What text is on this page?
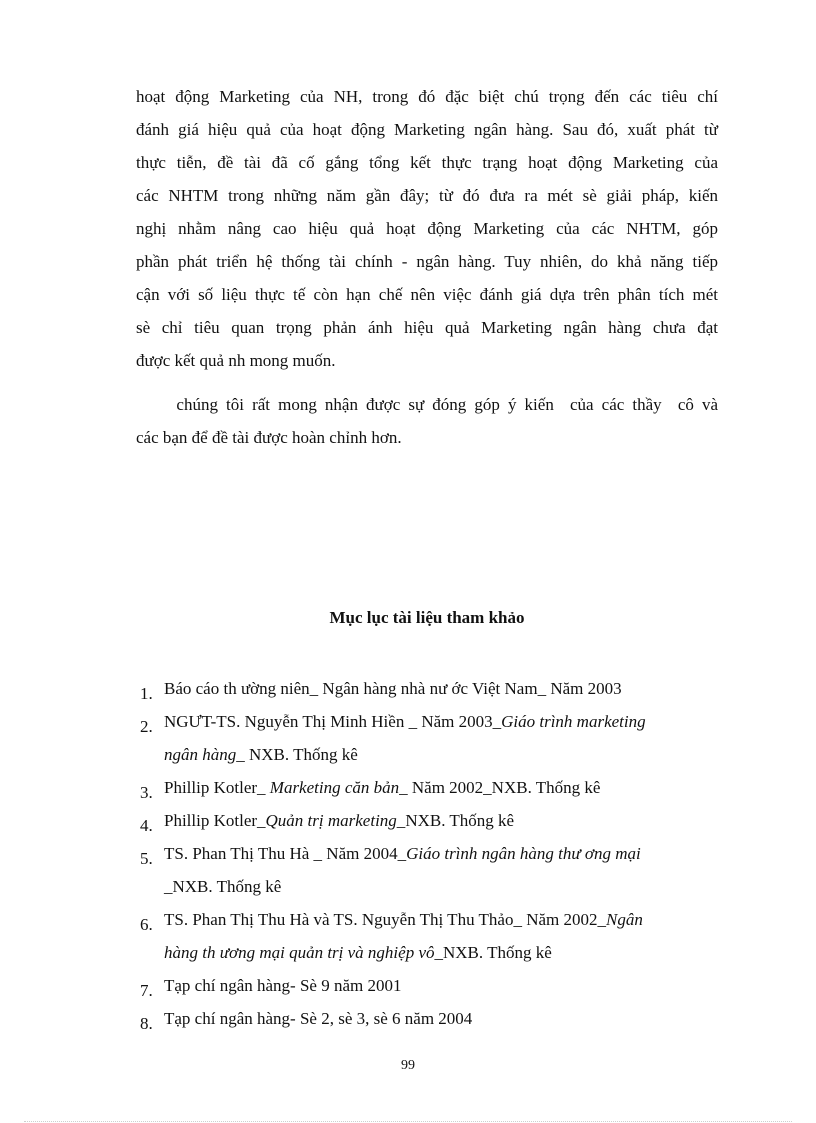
hoạt động Marketing của NH, trong đó đặc biệt chú trọng đến các tiêu chí
đánh giá hiệu quả của hoạt động Marketing ngân hàng. Sau đó, xuất phát từ
thực tiễn, đề tài đã cố gắng tổng kết thực trạng hoạt động Marketing của
các NHTM trong những năm gần đây; từ đó đưa ra mét sè giải pháp, kiến
nghị nhằm nâng cao hiệu quả hoạt động Marketing của các NHTM, góp
phần phát triển hệ thống tài chính - ngân hàng. Tuy nhiên, do khả năng tiếp
cận với số liệu thực tế còn hạn chế nên việc đánh giá dựa trên phân tích mét
sè chỉ tiêu quan trọng phản ánh hiệu quả Marketing ngân hàng chưa đạt
được kết quả nh mong muốn.
chúng tôi rất mong nhận được sự đóng góp ý kiến  của các thầy  cô và
các bạn để đề tài được hoàn chỉnh hơn.
Mục lục tài liệu tham khảo
1. Báo cáo th ường niên_ Ngân hàng nhà nư ớc Việt Nam_ Năm 2003
2. NGƯT-TS. Nguyễn Thị Minh Hiền _ Năm 2003_Giáo trình marketing
ngân hàng_ NXB. Thống kê
3. Phillip Kotler_ Marketing căn bản_ Năm 2002_NXB. Thống kê
4. Phillip Kotler_Quản trị marketing_NXB. Thống kê
5. TS. Phan Thị Thu Hà _ Năm 2004_Giáo trình ngân hàng thư ơng mại
_NXB. Thống kê
6. TS. Phan Thị Thu Hà và TS. Nguyễn Thị Thu Thảo_ Năm 2002_Ngân
hàng th ương mại quản trị và nghiệp vô_NXB. Thống kê
7. Tạp chí ngân hàng- Sè 9 năm 2001
8. Tạp chí ngân hàng- Sè 2, sè 3, sè 6 năm 2004
99
